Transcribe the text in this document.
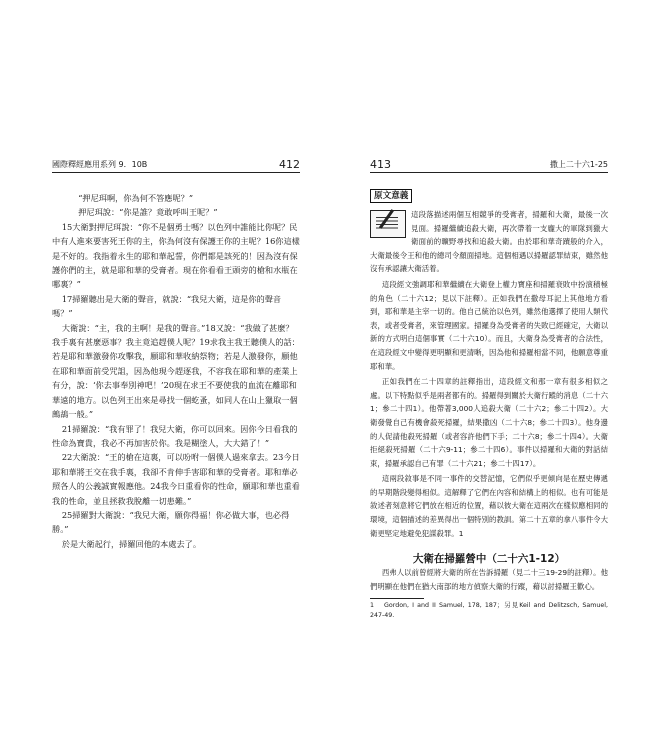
國際釋經應用系列 9．10B	412

“押尼珥啊，你為何不答應呢？”

押尼珥說：“你是誰？竟敢呼叫王呢？”

15大衛對押尼珥說：“你不是個勇士嗎？以色列中誰能比你呢？民中有人進來要害死王你的主，你為何沒有保護王你的主呢？16你這樣是不好的。我指着永生的耶和華起誓，你們都是該死的！因為沒有保護你們的主，就是耶和華的受膏者。現在你看看王頭旁的槍和水瓶在哪裏？”

17掃羅聽出是大衛的聲音，就說：“我兒大衛，這是你的聲音嗎？”

大衛說：“主，我的主啊！是我的聲音。”18又說：“我做了甚麼？我手裏有甚麼惡事？我主竟追趕僕人呢？19求我主我王聽僕人的話：若是耶和華激發你攻擊我，願耶和華收納祭物；若是人激發你，願他在耶和華面前受咒詛，因為他現今趕逐我，不容我在耶和華的產業上有分，說：‘你去事奉別神吧！’20現在求王不要使我的血流在離耶和華遠的地方。以色列王出來是尋找一個虼蚤，如同人在山上獵取一個鷓鴣一般。”

21掃羅說：“我有罪了！我兒大衛，你可以回來。因你今日看我的性命為寶貴，我必不再加害於你。我是糊塗人，大大錯了！”

22大衛說：“王的槍在這裏，可以吩咐一個僕人過來拿去。23今日耶和華將王交在我手裏，我卻不肯伸手害耶和華的受膏者。耶和華必照各人的公義誠實報應他。24我今日重看你的性命，願耶和華也重看我的性命，並且拯救我脫離一切患難。”

25掃羅對大衛說：“我兒大衛，願你得福！你必做大事，也必得勝。”

於是大衛起行，掃羅回他的本處去了。

413	撒上二十六1-25
原文意義

這段落描述兩個互相競爭的受膏者，掃羅和大衛，最後一次見面。掃羅繼續追殺大衛，再次帶着一支龐大的軍隊到獵大衛面前的曠野尋找和追殺大衛。由於耶和華奇蹟般的介入，大衛最後令王和他的總司令顏面掃地。這個相遇以掃羅認罪結束，雖然他沒有承認讓大衛活着。

這段經文強調耶和華繼續在大衛登上權力寶座和掃羅衰敗中扮演積極的角色（二十六12；見以下註釋）。正如我們在撒母耳記上其他地方看到，耶和華是主宰一切的。他自己統治以色列，雖然他選擇了使用人類代表，或者受膏者，來管理國家。掃羅身為受膏者的失敗已經確定，大衛以新的方式明白這個事實（二十六10）。而且，大衛身為受膏者的合法性，在這段經文中變得更明顯和更清晰，因為他和掃羅相當不同，他願意尊重耶和華。

正如我們在二十四章的註釋指出，這段經文和那一章有很多相似之處。以下特點似乎是兩者都有的。掃羅得到關於大衛行蹤的消息（二十六1；參二十四1）。他帶著3,000人追殺大衛（二十六2；參二十四2）。大衛發覺自己有機會殺死掃羅，結果撒凶（二十六8；參二十四3）。他身邊的人促請他殺死掃羅（或者容許他們下手；二十六8；參二十四4）。大衛拒絕殺死掃羅（二十六9-11；參二十四6）。事件以掃羅和大衛的對話結束，掃羅承認自己有罪（二十六21；參二十四17）。

這兩段敘事是不同一事件的交替記憶，它們似乎更傾向是在歷史傳遞的早期階段變得相似。這解釋了它們在內容和結構上的相似。也有可能是敘述者刻意將它們放在相近的位置，藉以彼大衛在這兩次在樣似應相同的環境，這個描述的差異得出一個特別的教訓。第二十五章的拿八事件令大衛更堅定地避免犯謀殺罪。1

大衛在掃羅營中（二十六1-12）

西弗人以前曾經將大衛的所在告訴掃羅（見二十三19-29的註釋）。他們明顯在他們在猶大南部的地方偵察大衛的行蹤，藉以討掃羅王歡心。

1 Gordon, I and II Samuel, 178, 187；另見Keil and Delitzsch, Samuel, 247-49.
